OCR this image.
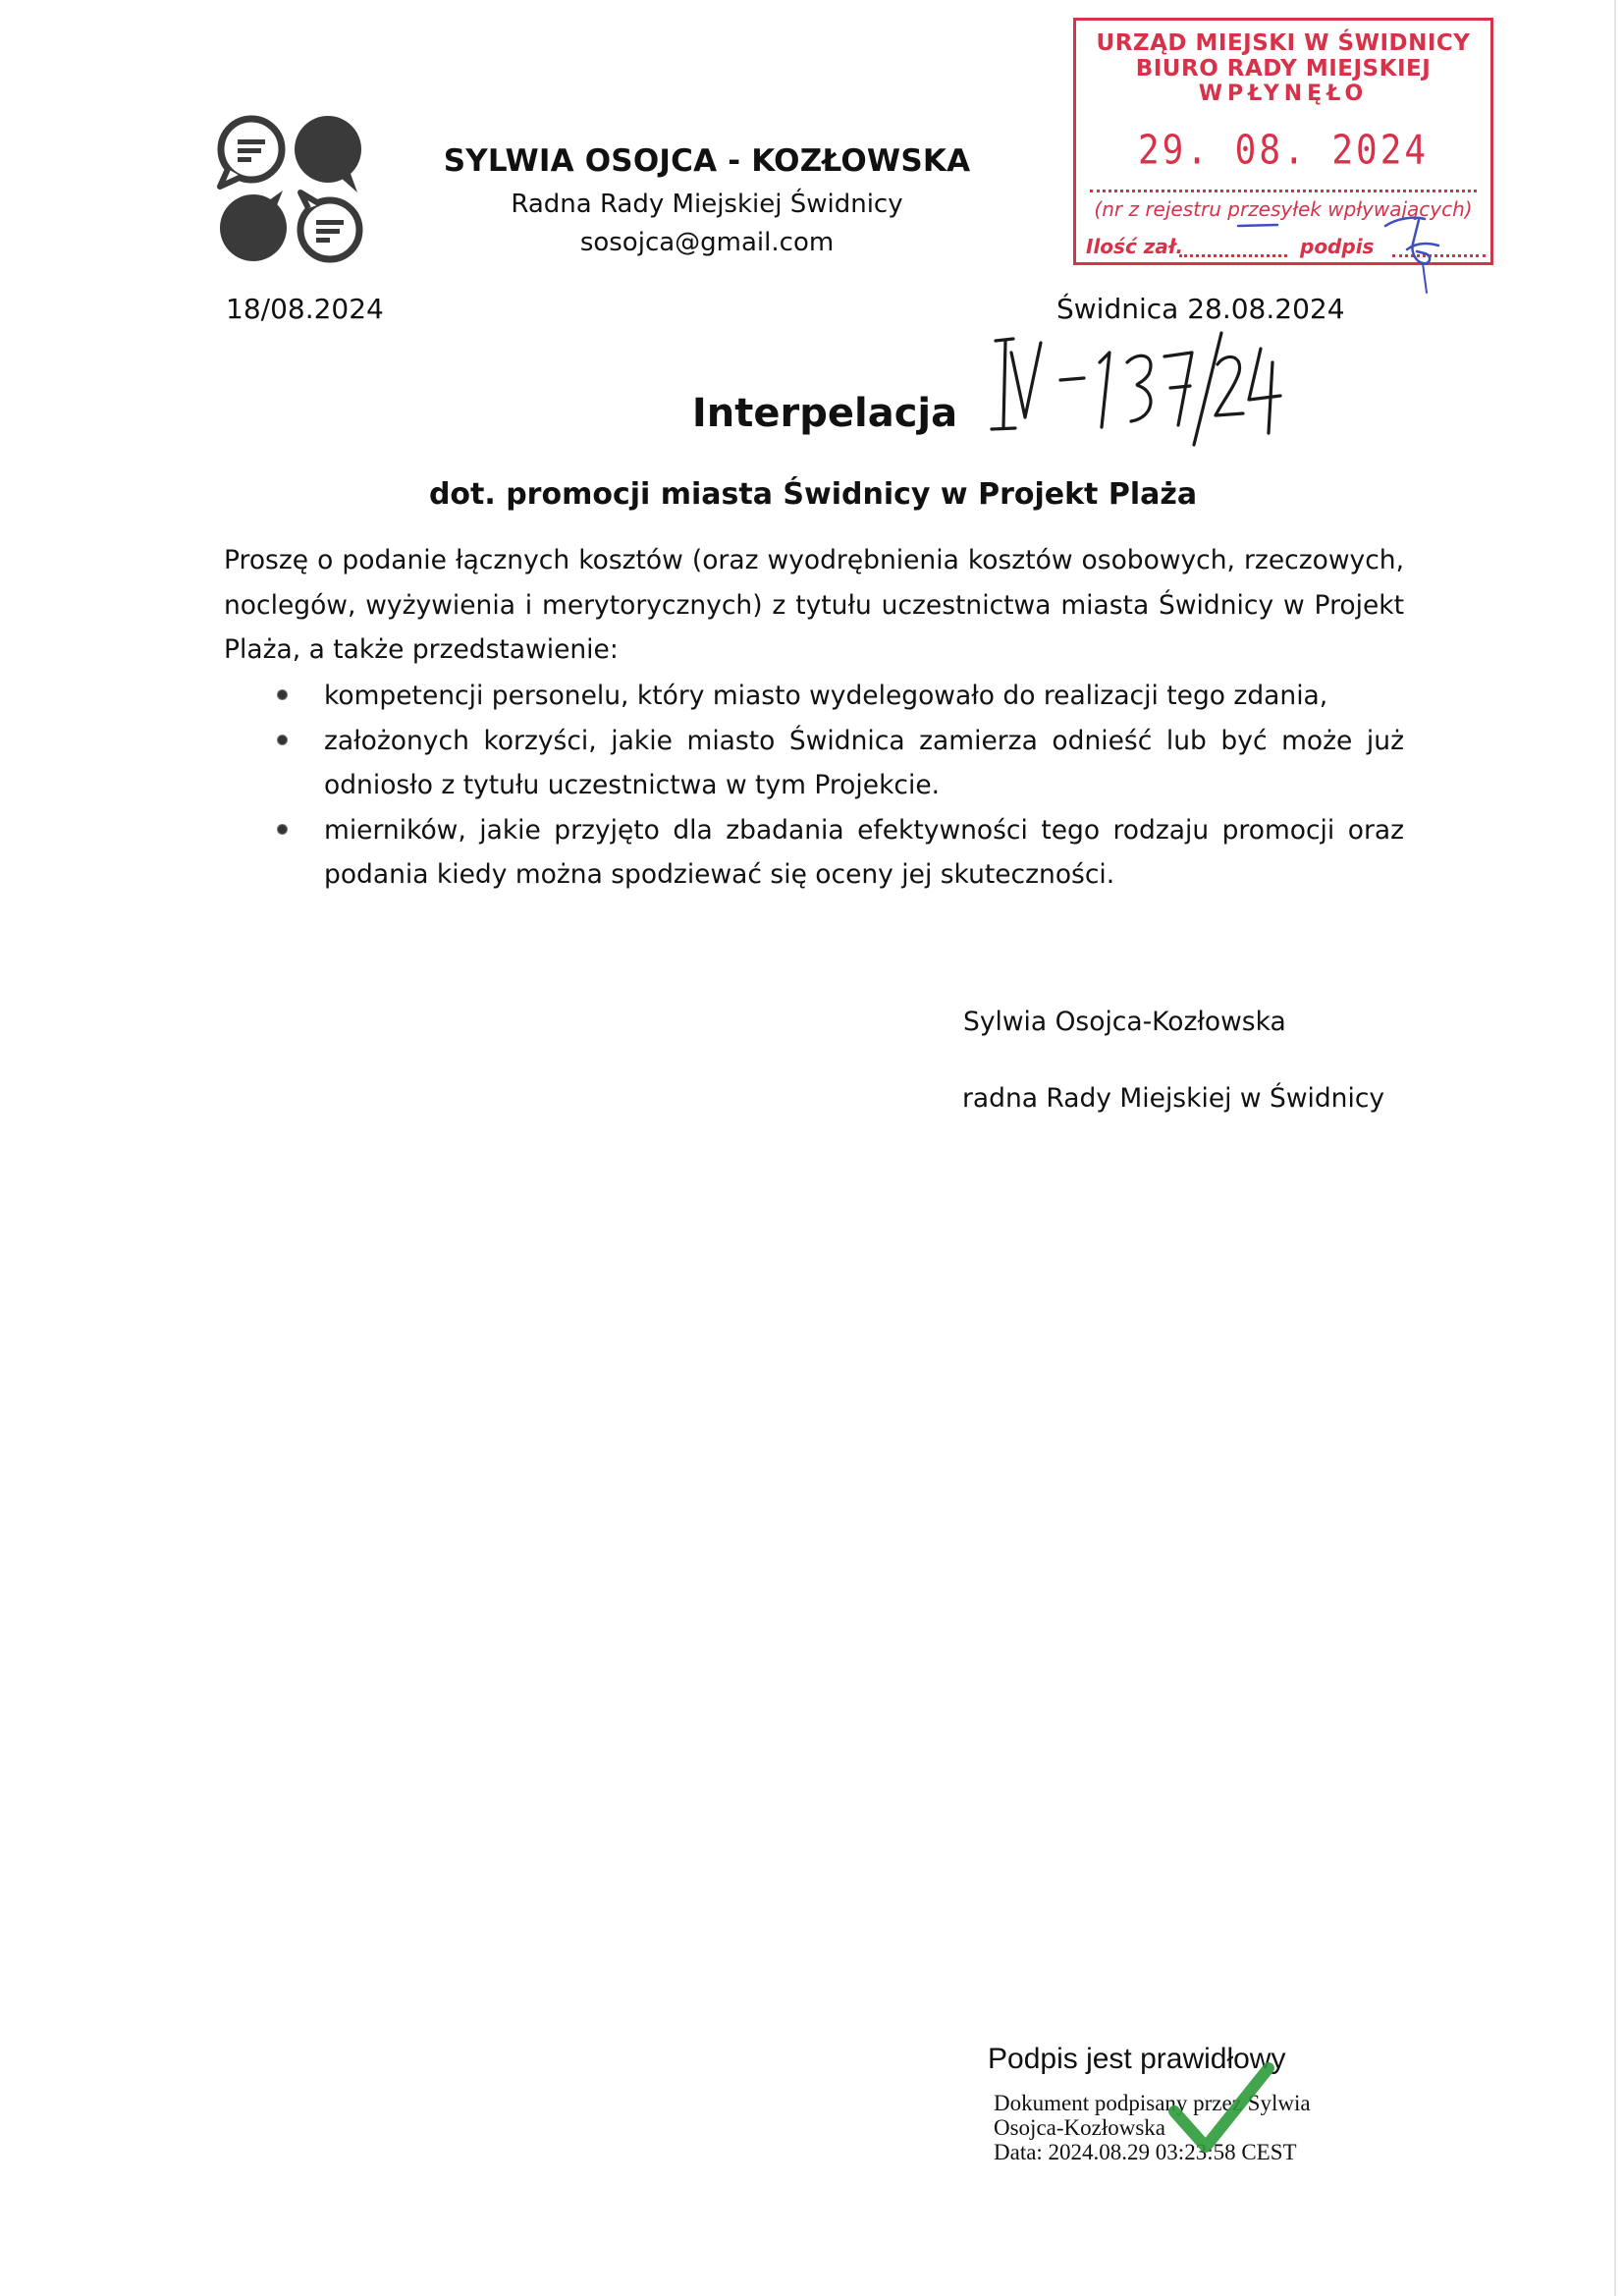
SYLWIA OSOJCA - KOZŁOWSKA
Radna Rady Miejskiej Świdnicy
sosojca@gmail.com
URZĄD MIEJSKI W ŚWIDNICY
BIURO RADY MIEJSKIEJ
WPŁYNĘŁO
29. 08. 2024
(nr z rejestru przesyłek wpływających)
Ilość zał.	podpis
18/08.2024	Świdnica 28.08.2024
Interpelacja
dot. promocji miasta Świdnicy w Projekt Plaża
Proszę o podanie łącznych kosztów (oraz wyodrębnienia kosztów osobowych, rzeczowych, noclegów, wyżywienia i merytorycznych) z tytułu uczestnictwa miasta Świdnicy w Projekt Plaża, a także przedstawienie:
kompetencji personelu, który miasto wydelegowało do realizacji tego zdania,
założonych korzyści, jakie miasto Świdnica zamierza odnieść lub być może już odniosło z tytułu uczestnictwa w tym Projekcie.
mierników, jakie przyjęto dla zbadania efektywności tego rodzaju promocji oraz podania kiedy można spodziewać się oceny jej skuteczności.
Sylwia Osojca-Kozłowska
radna Rady Miejskiej w Świdnicy
Podpis jest prawidłowy
Dokument podpisany przez Sylwia
Osojca-Kozłowska
Data: 2024.08.29 03:23:58 CEST
